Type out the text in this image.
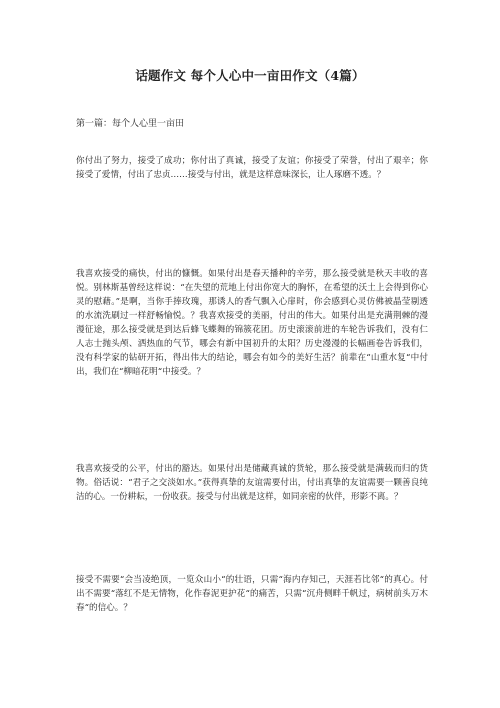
话题作文 每个人心中一亩田作文（4篇）
第一篇：每个人心里一亩田
你付出了努力，接受了成功；你付出了真诚，接受了友谊；你接受了荣誉，付出了艰辛；你接受了爱情，付出了忠贞……接受与付出，就是这样意味深长，让人琢磨不透。？
我喜欢接受的痛快，付出的慷慨。如果付出是春天播种的辛劳，那么接受就是秋天丰收的喜悦。别林斯基曾经这样说：“在失望的荒地上付出你宽大的胸怀，在希望的沃土上会得到你心灵的慰藉。”是啊，当你手捧玫瑰，那诱人的香气飘入心扉时，你会感到心灵仿佛被晶莹剔透的水流洗刷过一样舒畅愉悦。？我喜欢接受的美丽，付出的伟大。如果付出是充满荆棘的漫漫征途，那么接受就是到达后蜂飞蝶舞的锦簇花团。历史滚滚前进的车轮告诉我们，没有仁人志士抛头颅、洒热血的气节，哪会有新中国初升的太阳？历史漫漫的长幅画卷告诉我们，没有科学家的钻研开拓，得出伟大的结论，哪会有如今的美好生活？前辈在“山重水复“中付出，我们在“柳暗花明“中接受。？
我喜欢接受的公平，付出的豁达。如果付出是储藏真诚的货轮，那么接受就是满载而归的货物。俗话说：“君子之交淡如水。”获得真挚的友谊需要付出，付出真挚的友谊需要一颗善良纯洁的心。一份耕耘，一份收获。接受与付出就是这样，如同亲密的伙伴，形影不离。？
接受不需要“会当凌绝顶，一览众山小“的壮语，只需“海内存知己，天涯若比邻“的真心。付出不需要“落红不是无情物，化作春泥更护花“的痛苦，只需“沉舟侧畔千帆过，病树前头万木春“的信心。？
